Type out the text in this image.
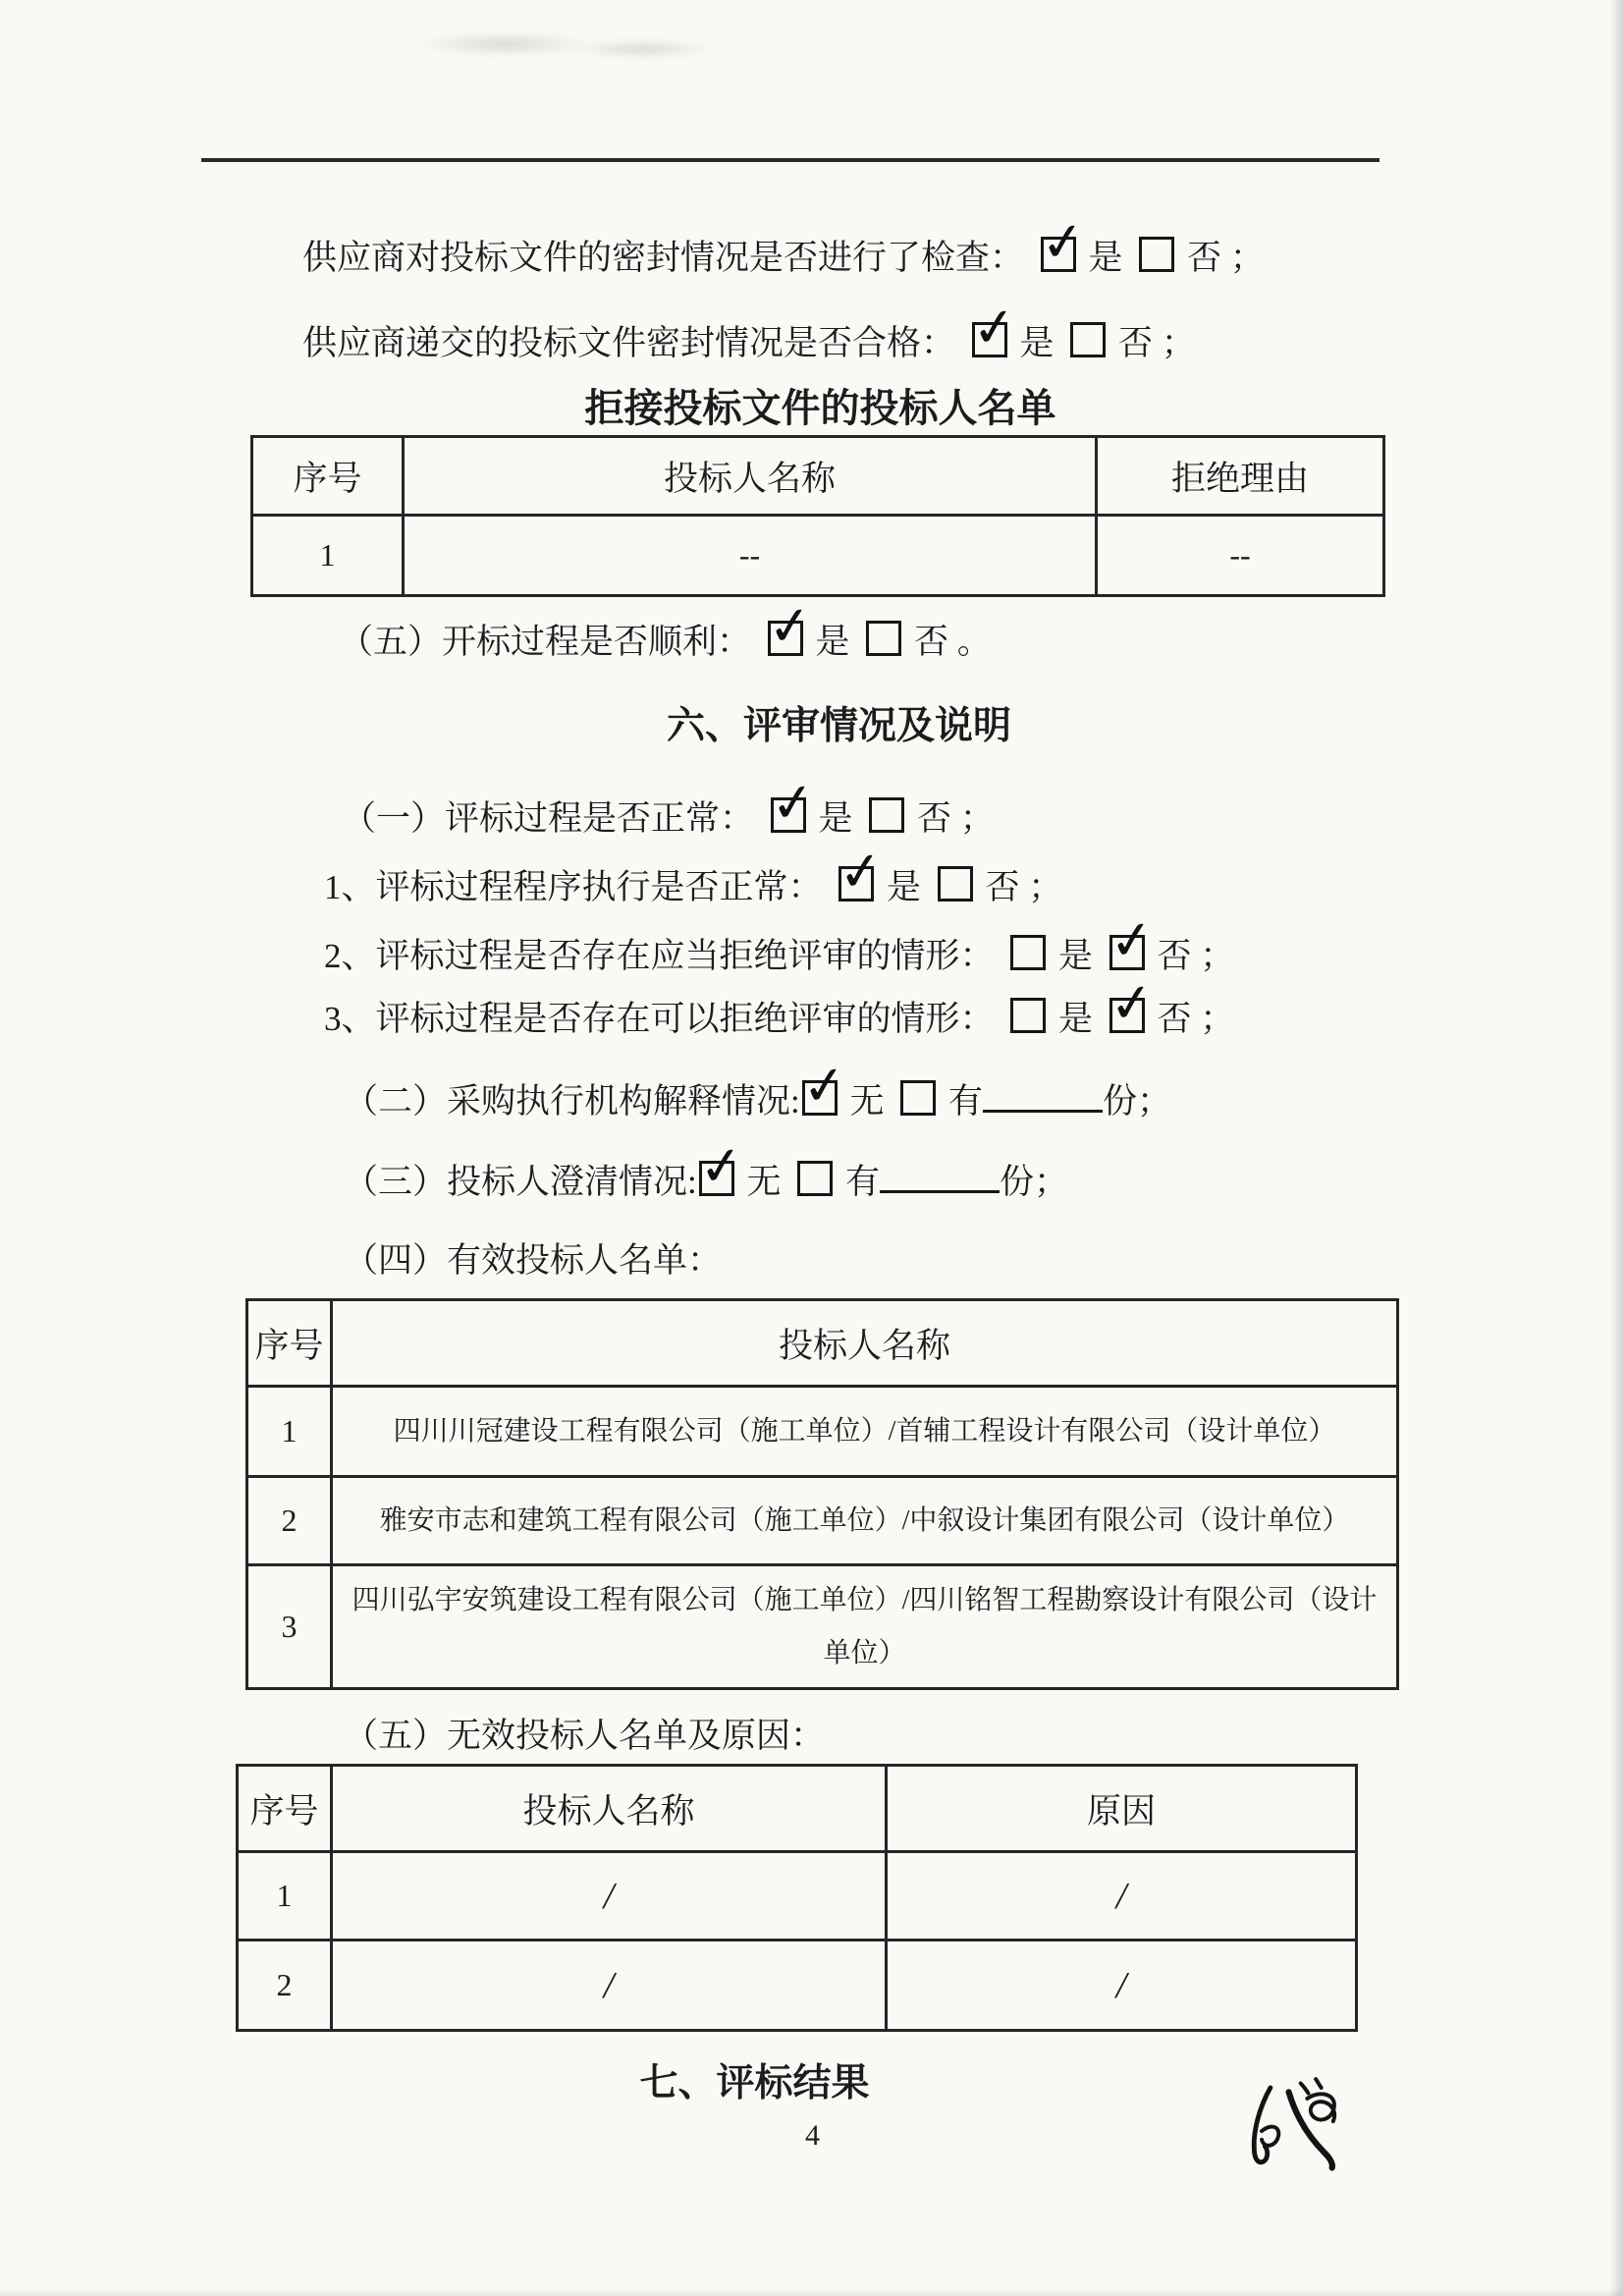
供应商对投标文件的密封情况是否进行了检查： ✓ 是 否 ；
供应商递交的投标文件密封情况是否合格： ✓ 是 否 ；
拒接投标文件的投标人名单
序号	投标人名称	拒绝理由
1	--	--
（五）开标过程是否顺利： ✓ 是 否 。
六、评审情况及说明
（一）评标过程是否正常： ✓ 是 否 ；
1、评标过程程序执行是否正常： ✓ 是 否 ；
2、评标过程是否存在应当拒绝评审的情形： 是 ✓ 否 ；
3、评标过程是否存在可以拒绝评审的情形： 是 ✓ 否 ；
（二）采购执行机构解释情况: ✓ 无 有	份；
（三）投标人澄清情况: ✓ 无 有	份；
（四）有效投标人名单：
序号	投标人名称
1	四川川冠建设工程有限公司（施工单位）/首辅工程设计有限公司（设计单位）
2	雅安市志和建筑工程有限公司（施工单位）/中叙设计集团有限公司（设计单位）
3	四川弘宇安筑建设工程有限公司（施工单位）/四川铭智工程勘察设计有限公司（设计单位）
（五）无效投标人名单及原因：
序号	投标人名称	原因
1	/	/
2	/	/
七、评标结果
4
